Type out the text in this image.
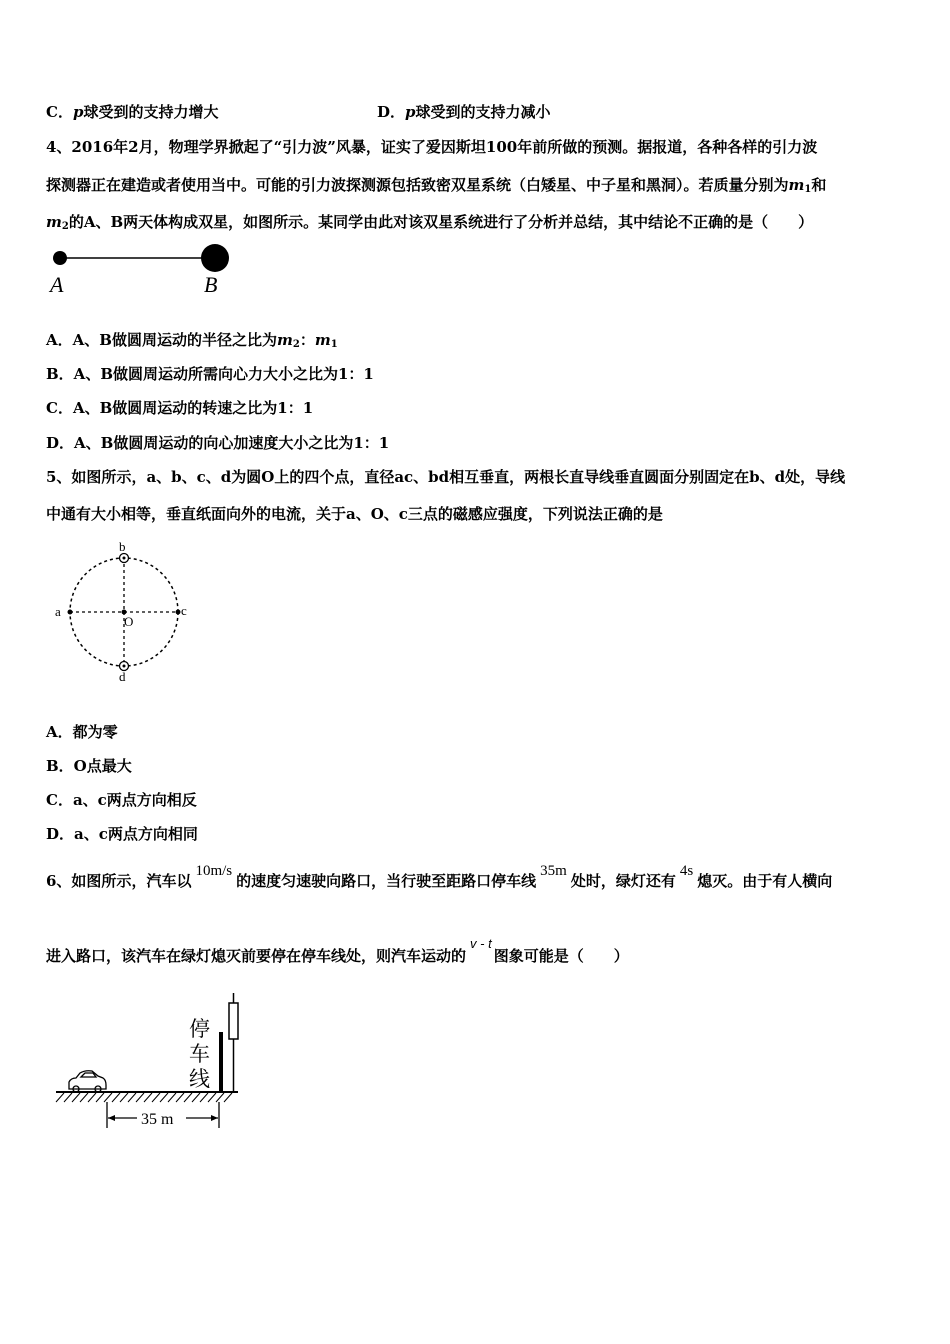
C．p球受到的支持力增大	D．p球受到的支持力减小
4、2016年2月，物理学界掀起了“引力波”风暴，证实了爱因斯坦100年前所做的预测。据报道，各种各样的引力波
探测器正在建造或者使用当中。可能的引力波探测源包括致密双星系统（白矮星、中子星和黑洞）。若质量分别为$m_1$和
$m_2$的A、B两天体构成双星，如图所示。某同学由此对该双星系统进行了分析并总结，其中结论不正确的是（　　）
A	B
A．A、B做圆周运动的半径之比为$m_2$：$m_1$
B．A、B做圆周运动所需向心力大小之比为1：1
C．A、B做圆周运动的转速之比为1：1
D．A、B做圆周运动的向心加速度大小之比为1：1
5、如图所示，a、b、c、d为圆O上的四个点，直径ac、bd相互垂直，两根长直导线垂直圆面分别固定在b、d处，导线
中通有大小相等，垂直纸面向外的电流，关于a、O、c三点的磁感应强度，下列说法正确的是
a
b
c
d
O
A．都为零
B．O点最大
C．a、c两点方向相反
D．a、c两点方向相同
6、如图所示，汽车以10m/s的速度匀速驶向路口，当行驶至距路口停车线35m处时，绿灯还有4s熄灭。由于有人横向
进入路口，该汽车在绿灯熄灭前要停在停车线处，则汽车运动的v - t图象可能是（　　）
停
车
线
35 m
